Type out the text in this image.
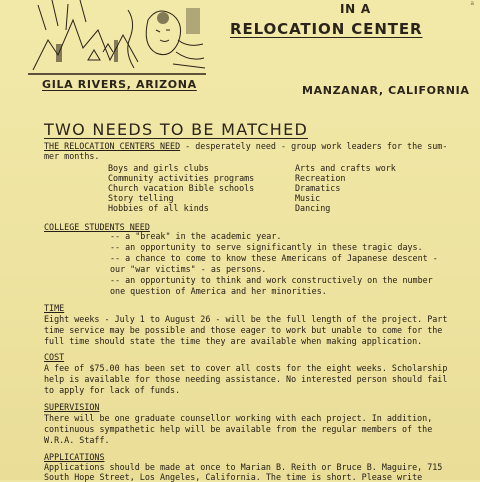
a
IN A
RELOCATION CENTER
GILA RIVERS, ARIZONA	MANZANAR, CALIFORNIA
TWO NEEDS TO BE MATCHED
THE RELOCATION CENTERS NEED - desperately need - group work leaders for the sum-
mer months.
Boys and girls clubs
Community activities programs
Church vacation Bible schools
Story telling
Hobbies of all kinds
Arts and crafts work
Recreation
Dramatics
Music
Dancing
COLLEGE STUDENTS NEED
-- a "break" in the academic year.
-- an opportunity to serve significantly in these tragic days.
-- a chance to come to know these Americans of Japanese descent -
our "war victims" - as persons.
-- an opportunity to think and work constructively on the number
one question of America and her minorities.
TIME
Eight weeks - July 1 to August 26 - will be the full length of the project. Part
time service may be possible and those eager to work but unable to come for the
full time should state the time they are available when making application.
COST
A fee of $75.00 has been set to cover all costs for the eight weeks. Scholarship
help is available for those needing assistance. No interested person should fail
to apply for lack of funds.
SUPERVISION
There will be one graduate counsellor working with each project. In addition,
continuous sympathetic help will be available from the regular members of the
W.R.A. Staff.
APPLICATIONS
Applications should be made at once to Marian B. Reith or Bruce B. Maguire, 715
South Hope Street, Los Angeles, California. The time is short. Please write
